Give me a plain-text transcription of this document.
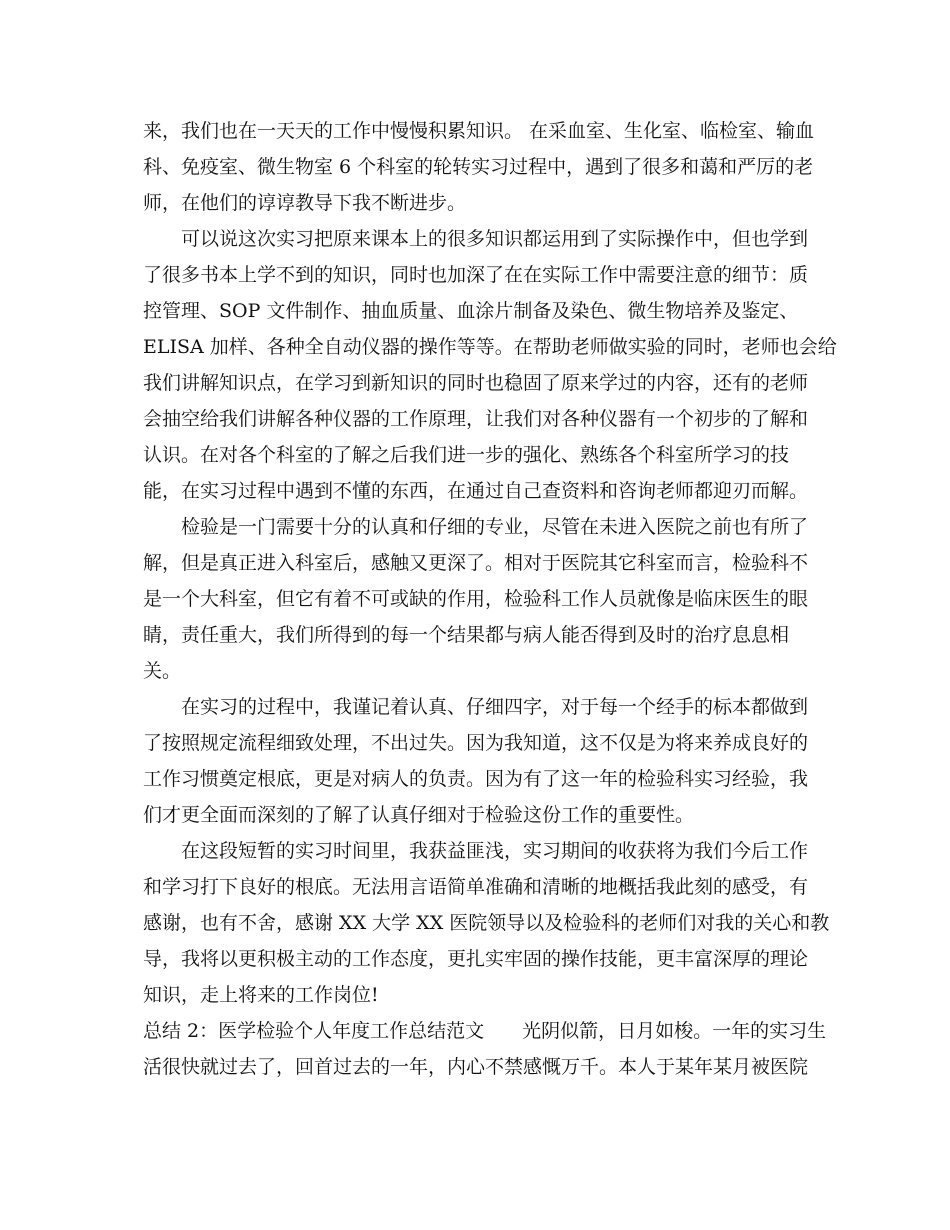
来，我们也在一天天的工作中慢慢积累知识。 在采血室、生化室、临检室、输血

科、免疫室、微生物室 6 个科室的轮转实习过程中，遇到了很多和蔼和严厉的老

师，在他们的谆谆教导下我不断进步。

可以说这次实习把原来课本上的很多知识都运用到了实际操作中，但也学到

了很多书本上学不到的知识，同时也加深了在在实际工作中需要注意的细节：质

控管理、SOP 文件制作、抽血质量、血涂片制备及染色、微生物培养及鉴定、

ELISA 加样、各种全自动仪器的操作等等。在帮助老师做实验的同时，老师也会给

我们讲解知识点，在学习到新知识的同时也稳固了原来学过的内容，还有的老师

会抽空给我们讲解各种仪器的工作原理，让我们对各种仪器有一个初步的了解和

认识。在对各个科室的了解之后我们进一步的强化、熟练各个科室所学习的技

能，在实习过程中遇到不懂的东西，在通过自己查资料和咨询老师都迎刃而解。

检验是一门需要十分的认真和仔细的专业，尽管在未进入医院之前也有所了

解，但是真正进入科室后，感触又更深了。相对于医院其它科室而言，检验科不

是一个大科室，但它有着不可或缺的作用，检验科工作人员就像是临床医生的眼

睛，责任重大，我们所得到的每一个结果都与病人能否得到及时的治疗息息相

关。

在实习的过程中，我谨记着认真、仔细四字，对于每一个经手的标本都做到

了按照规定流程细致处理，不出过失。因为我知道，这不仅是为将来养成良好的

工作习惯奠定根底，更是对病人的负责。因为有了这一年的检验科实习经验，我

们才更全面而深刻的了解了认真仔细对于检验这份工作的重要性。

在这段短暂的实习时间里，我获益匪浅，实习期间的收获将为我们今后工作

和学习打下良好的根底。无法用言语简单准确和清晰的地概括我此刻的感受，有

感谢，也有不舍，感谢 XX 大学 XX 医院领导以及检验科的老师们对我的关心和教

导，我将以更积极主动的工作态度，更扎实牢固的操作技能，更丰富深厚的理论

知识，走上将来的工作岗位!

总结 2：医学检验个人年度工作总结范文　　光阴似箭，日月如梭。一年的实习生

活很快就过去了，回首过去的一年，内心不禁感慨万千。本人于某年某月被医院
